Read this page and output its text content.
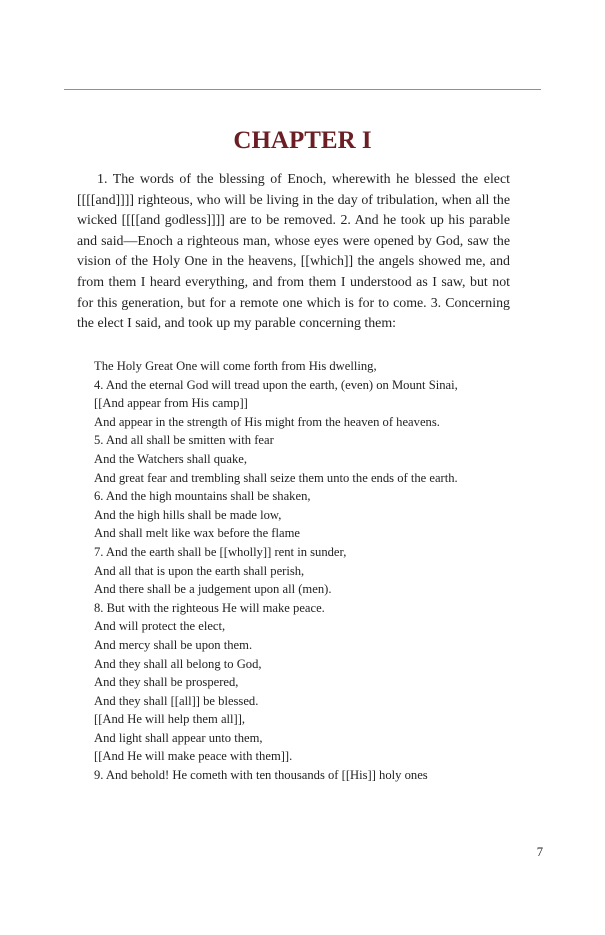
CHAPTER I

1. The words of the blessing of Enoch, wherewith he blessed the elect [[[[and]]]] righteous, who will be living in the day of tribulation, when all the wicked [[[[and godless]]]] are to be removed. 2. And he took up his parable and said—Enoch a righteous man, whose eyes were opened by God, saw the vision of the Holy One in the heavens, [[which]] the angels showed me, and from them I heard everything, and from them I understood as I saw, but not for this generation, but for a remote one which is for to come. 3. Concerning the elect I said, and took up my parable concerning them:

The Holy Great One will come forth from His dwelling,
4. And the eternal God will tread upon the earth, (even) on Mount Sinai,
[[And appear from His camp]]
And appear in the strength of His might from the heaven of heavens.
5. And all shall be smitten with fear
And the Watchers shall quake,
And great fear and trembling shall seize them unto the ends of the earth.
6. And the high mountains shall be shaken,
And the high hills shall be made low,
And shall melt like wax before the flame
7. And the earth shall be [[wholly]] rent in sunder,
And all that is upon the earth shall perish,
And there shall be a judgement upon all (men).
8. But with the righteous He will make peace.
And will protect the elect,
And mercy shall be upon them.
And they shall all belong to God,
And they shall be prospered,
And they shall [[all]] be blessed.
[[And He will help them all]],
And light shall appear unto them,
[[And He will make peace with them]].
9. And behold! He cometh with ten thousands of [[His]] holy ones

7
